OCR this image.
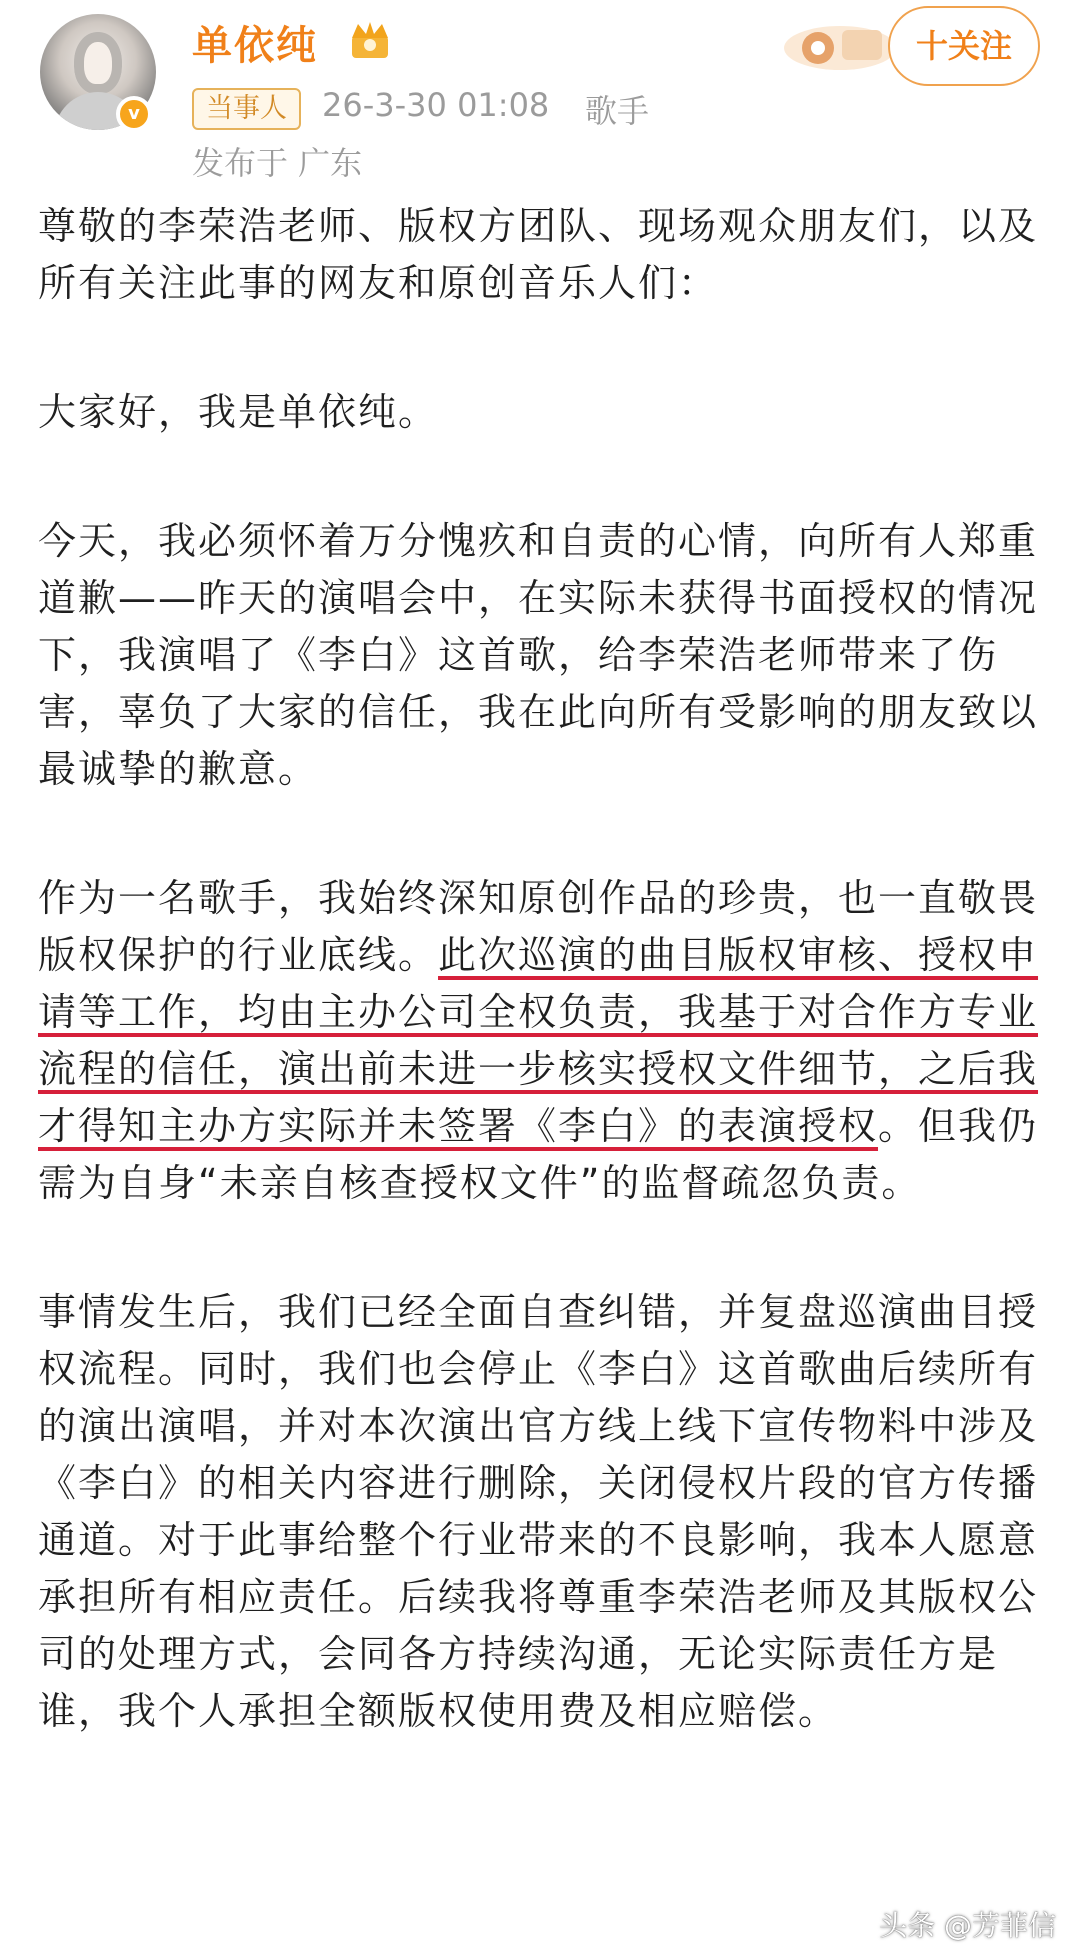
v
单依纯
当事人	26-3-30 01:08 歌手
发布于 广东
十关注

尊敬的李荣浩老师、版权方团队、现场观众朋友们，以及所有关注此事的网友和原创音乐人们：

大家好，我是单依纯。

今天，我必须怀着万分愧疚和自责的心情，向所有人郑重道歉——昨天的演唱会中，在实际未获得书面授权的情况下，我演唱了《李白》这首歌，给李荣浩老师带来了伤害，辜负了大家的信任，我在此向所有受影响的朋友致以最诚挚的歉意。

作为一名歌手，我始终深知原创作品的珍贵，也一直敬畏版权保护的行业底线。此次巡演的曲目版权审核、授权申请等工作，均由主办公司全权负责，我基于对合作方专业流程的信任，演出前未进一步核实授权文件细节，之后我才得知主办方实际并未签署《李白》的表演授权。但我仍需为自身“未亲自核查授权文件”的监督疏忽负责。

事情发生后，我们已经全面自查纠错，并复盘巡演曲目授权流程。同时，我们也会停止《李白》这首歌曲后续所有的演出演唱，并对本次演出官方线上线下宣传物料中涉及《李白》的相关内容进行删除，关闭侵权片段的官方传播通道。对于此事给整个行业带来的不良影响，我本人愿意承担所有相应责任。后续我将尊重李荣浩老师及其版权公司的处理方式，会同各方持续沟通，无论实际责任方是谁，我个人承担全额版权使用费及相应赔偿。

头条 @芳菲信
